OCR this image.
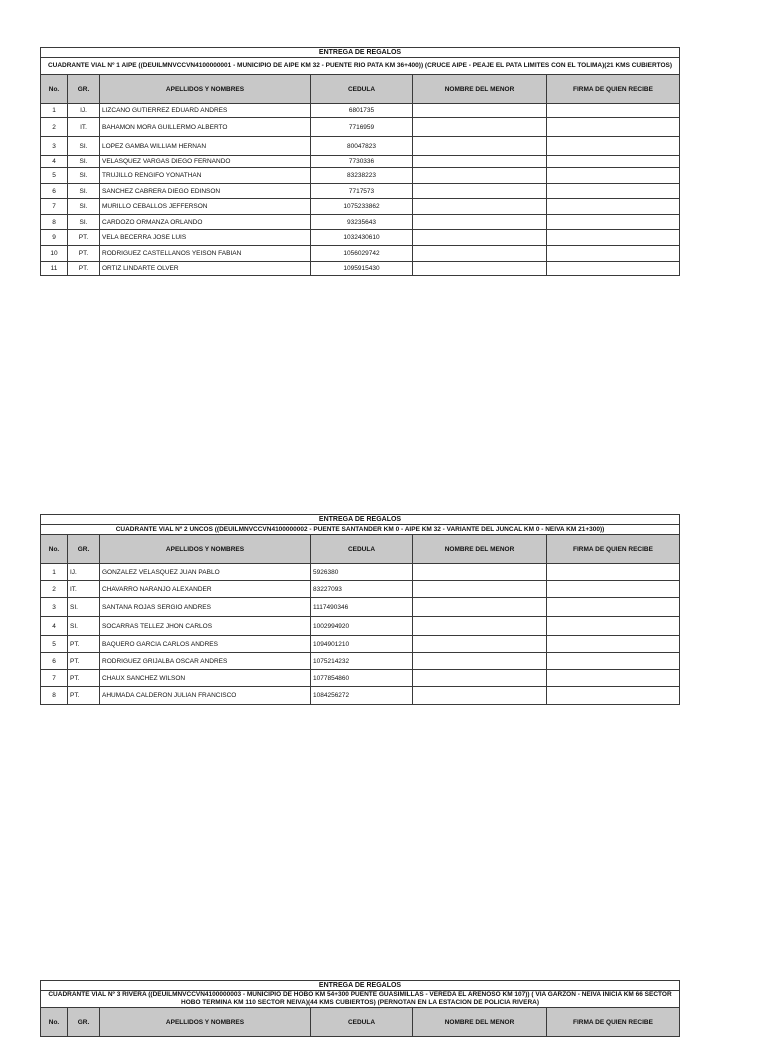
ENTREGA DE REGALOS					
CUADRANTE VIAL Nº 1 AIPE ((DEUILMNVCCVN4100000001 - MUNICIPIO DE AIPE KM 32 - PUENTE RIO PATA KM 36+400)) (CRUCE AIPE - PEAJE EL PATA LIMITES CON EL TOLIMA)(21 KMS CUBIERTOS)					
No.	GR.	APELLIDOS Y NOMBRES	CEDULA	NOMBRE DEL MENOR	FIRMA DE QUIEN RECIBE
1	IJ.	LIZCANO GUTIERREZ EDUARD ANDRES	6801735		
2	IT.	BAHAMON MORA GUILLERMO ALBERTO	7716959		
3	SI.	LOPEZ GAMBA WILLIAM HERNAN	80047823		
4	SI.	VELASQUEZ VARGAS DIEGO FERNANDO	7730336		
5	SI.	TRUJILLO RENGIFO YONATHAN	83238223		
6	SI.	SANCHEZ CABRERA DIEGO EDINSON	7717573		
7	SI.	MURILLO CEBALLOS JEFFERSON	1075233862		
8	SI.	CARDOZO ORMANZA ORLANDO	93235643		
9	PT.	VELA BECERRA JOSE LUIS	1032430610		
10	PT.	RODRIGUEZ CASTELLANOS YEISON FABIAN	1056029742		
11	PT.	ORTIZ LINDARTE OLVER	1095915430		
ENTREGA DE REGALOS					
CUADRANTE VIAL Nº 2 UNCOS ((DEUILMNVCCVN4100000002 - PUENTE SANTANDER KM 0 - AIPE KM 32 - VARIANTE DEL JUNCAL KM 0 - NEIVA KM 21+300))					
No.	GR.	APELLIDOS Y NOMBRES	CEDULA	NOMBRE DEL MENOR	FIRMA DE QUIEN RECIBE
1	IJ.	GONZALEZ VELASQUEZ JUAN PABLO	5926380		
2	IT.	CHAVARRO NARANJO ALEXANDER	83227093		
3	SI.	SANTANA ROJAS SERGIO ANDRES	1117490346		
4	SI.	SOCARRAS TELLEZ JHON CARLOS	1002994920		
5	PT.	BAQUERO GARCIA CARLOS ANDRES	1094901210		
6	PT.	RODRIGUEZ GRIJALBA OSCAR ANDRES	1075214232		
7	PT.	CHAUX SANCHEZ WILSON	1077854860		
8	PT.	AHUMADA CALDERON JULIAN FRANCISCO	1084256272		
ENTREGA DE REGALOS
CUADRANTE VIAL Nº 3 RIVERA ((DEUILMNVCCVN4100000003 - MUNICIPIO DE HOBO KM 54+300 PUENTE GUASIMILLAS - VEREDA EL ARENOSO KM 107)) ( VIA GARZON - NEIVA INICIA KM 66 SECTOR HOBO TERMINA KM 110 SECTOR NEIVA)(44 KMS CUBIERTOS) (PERNOTAN EN LA ESTACION DE POLICIA RIVERA)
No.	GR.	APELLIDOS Y NOMBRES	CEDULA	NOMBRE DEL MENOR	FIRMA DE QUIEN RECIBE
